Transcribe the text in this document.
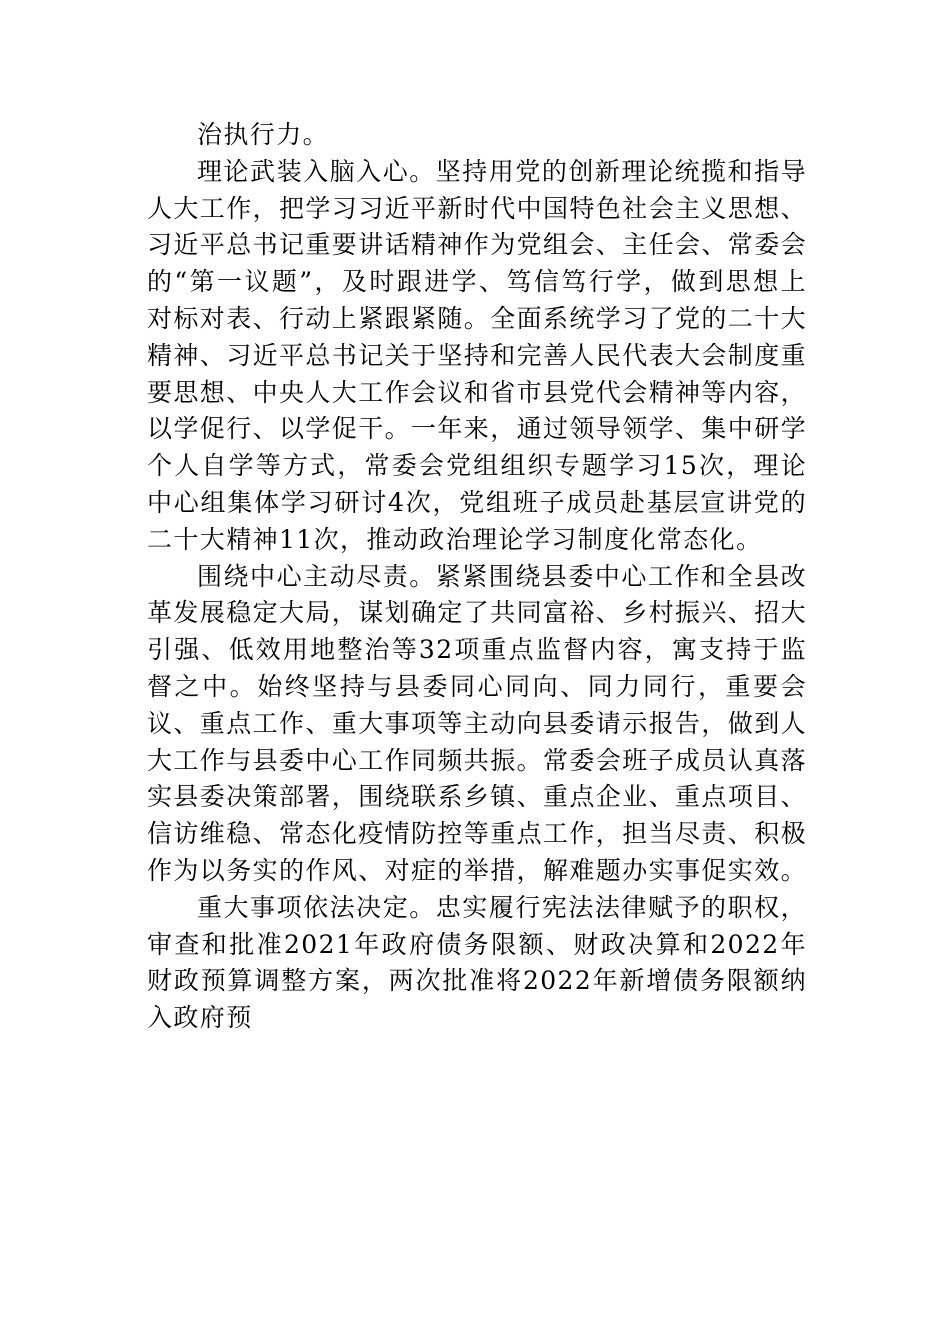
治执行力。

理论武装入脑入心。坚持用党的创新理论统揽和指导人大工作，把学习习近平新时代中国特色社会主义思想、习近平总书记重要讲话精神作为党组会、主任会、常委会的“第一议题”，及时跟进学、笃信笃行学，做到思想上对标对表、行动上紧跟紧随。全面系统学习了党的二十大精神、习近平总书记关于坚持和完善人民代表大会制度重要思想、中央人大工作会议和省市县党代会精神等内容，以学促行、以学促干。一年来，通过领导领学、集中研学个人自学等方式，常委会党组组织专题学习15次，理论中心组集体学习研讨4次，党组班子成员赴基层宣讲党的二十大精神11次，推动政治理论学习制度化常态化。

围绕中心主动尽责。紧紧围绕县委中心工作和全县改革发展稳定大局，谋划确定了共同富裕、乡村振兴、招大引强、低效用地整治等32项重点监督内容，寓支持于监督之中。始终坚持与县委同心同向、同力同行，重要会议、重点工作、重大事项等主动向县委请示报告，做到人大工作与县委中心工作同频共振。常委会班子成员认真落实县委决策部署，围绕联系乡镇、重点企业、重点项目、信访维稳、常态化疫情防控等重点工作，担当尽责、积极作为以务实的作风、对症的举措，解难题办实事促实效。

重大事项依法决定。忠实履行宪法法律赋予的职权，审查和批准2021年政府债务限额、财政决算和2022年财政预算调整方案，两次批准将2022年新增债务限额纳入政府预
